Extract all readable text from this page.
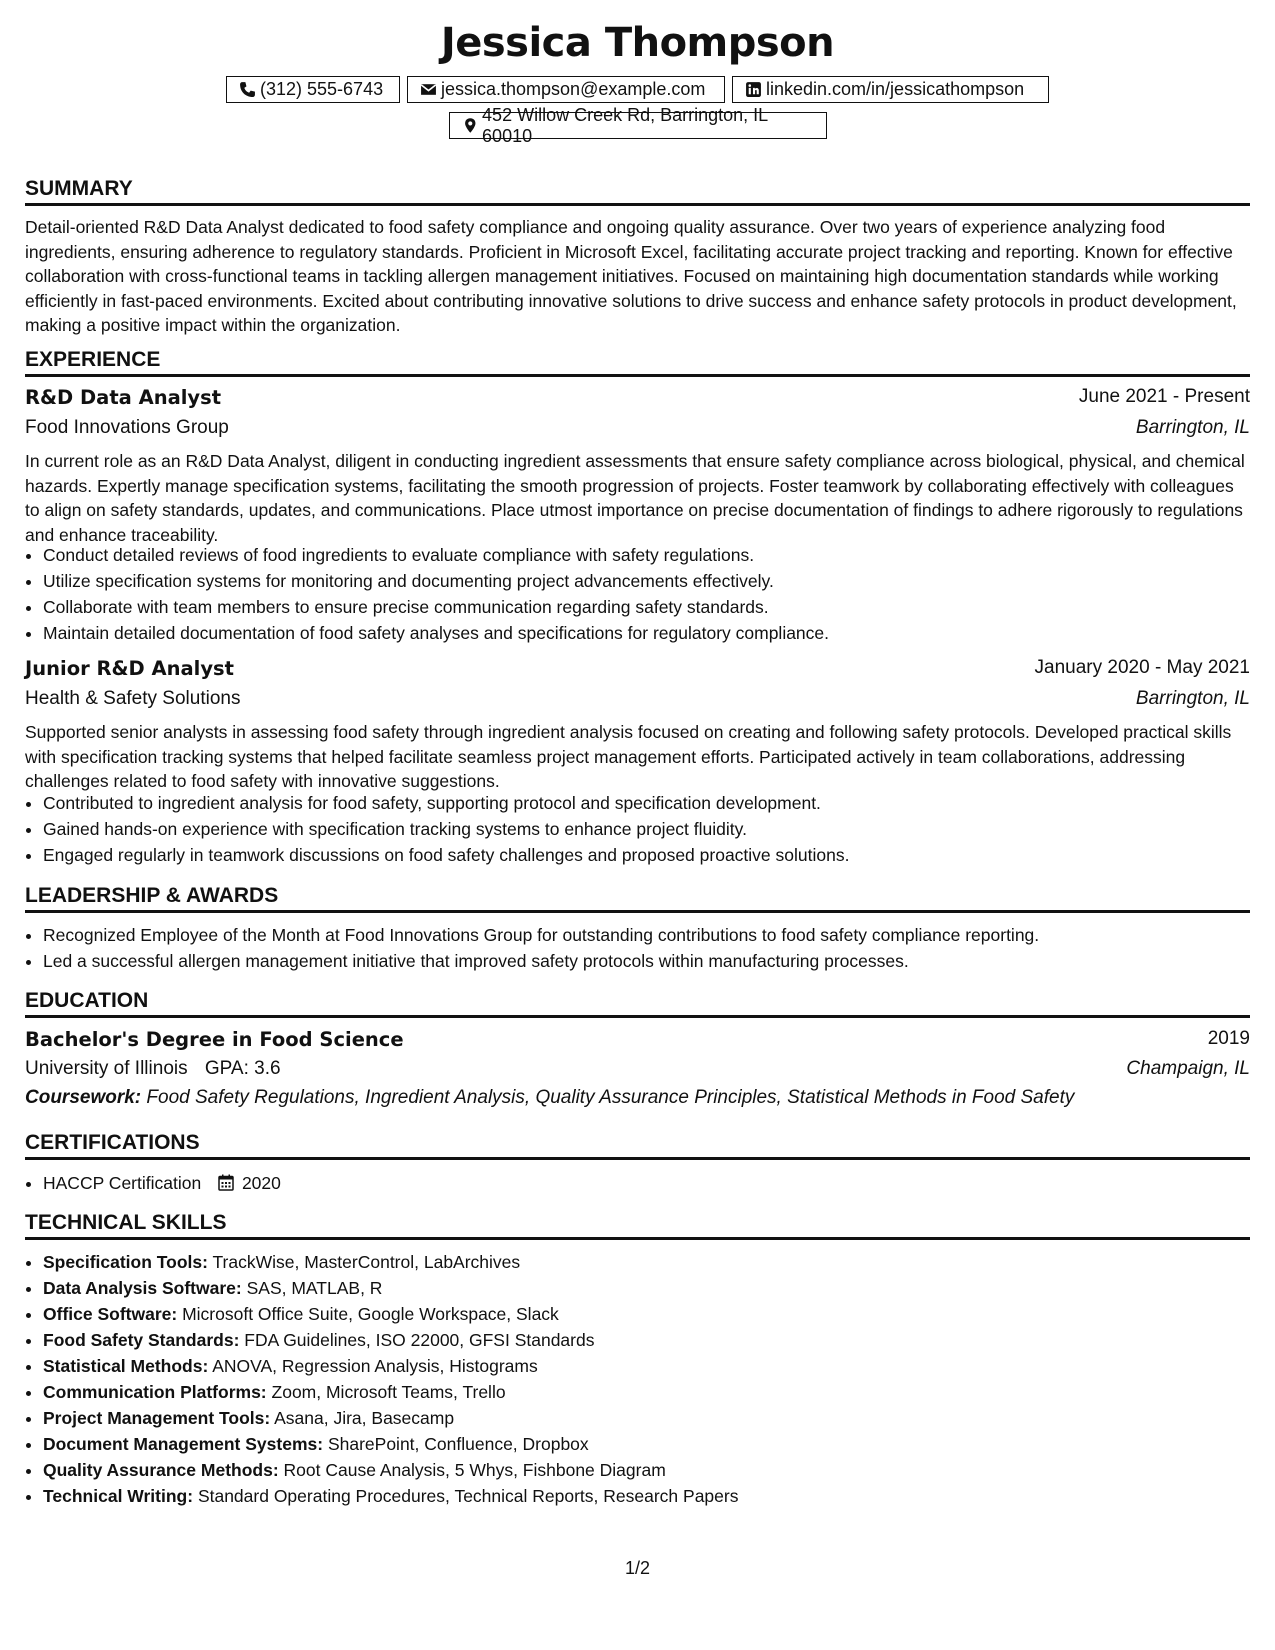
Jessica Thompson
(312) 555-6743	jessica.thompson@example.com	linkedin.com/in/jessicathompson
452 Willow Creek Rd, Barrington, IL 60010
SUMMARY

Detail-oriented R&D Data Analyst dedicated to food safety compliance and ongoing quality assurance. Over two years of experience analyzing food ingredients, ensuring adherence to regulatory standards. Proficient in Microsoft Excel, facilitating accurate project tracking and reporting. Known for effective collaboration with cross-functional teams in tackling allergen management initiatives. Focused on maintaining high documentation standards while working efficiently in fast-paced environments. Excited about contributing innovative solutions to drive success and enhance safety protocols in product development, making a positive impact within the organization.

EXPERIENCE
R&D Data Analyst	June 2021 - Present
Food Innovations Group	Barrington, IL

In current role as an R&D Data Analyst, diligent in conducting ingredient assessments that ensure safety compliance across biological, physical, and chemical hazards. Expertly manage specification systems, facilitating the smooth progression of projects. Foster teamwork by collaborating effectively with colleagues to align on safety standards, updates, and communications. Place utmost importance on precise documentation of findings to adhere rigorously to regulations and enhance traceability.

• Conduct detailed reviews of food ingredients to evaluate compliance with safety regulations.
• Utilize specification systems for monitoring and documenting project advancements effectively.
• Collaborate with team members to ensure precise communication regarding safety standards.
• Maintain detailed documentation of food safety analyses and specifications for regulatory compliance.
Junior R&D Analyst	January 2020 - May 2021
Health & Safety Solutions	Barrington, IL

Supported senior analysts in assessing food safety through ingredient analysis focused on creating and following safety protocols. Developed practical skills with specification tracking systems that helped facilitate seamless project management efforts. Participated actively in team collaborations, addressing challenges related to food safety with innovative suggestions.

• Contributed to ingredient analysis for food safety, supporting protocol and specification development.
• Gained hands-on experience with specification tracking systems to enhance project fluidity.
• Engaged regularly in teamwork discussions on food safety challenges and proposed proactive solutions.
LEADERSHIP & AWARDS
• Recognized Employee of the Month at Food Innovations Group for outstanding contributions to food safety compliance reporting.
• Led a successful allergen management initiative that improved safety protocols within manufacturing processes.
EDUCATION
Bachelor's Degree in Food Science	2019
University of Illinois GPA: 3.6	Champaign, IL
Coursework: Food Safety Regulations, Ingredient Analysis, Quality Assurance Principles, Statistical Methods in Food Safety
CERTIFICATIONS
• HACCP Certification 2020
TECHNICAL SKILLS
• Specification Tools: TrackWise, MasterControl, LabArchives
• Data Analysis Software: SAS, MATLAB, R
• Office Software: Microsoft Office Suite, Google Workspace, Slack
• Food Safety Standards: FDA Guidelines, ISO 22000, GFSI Standards
• Statistical Methods: ANOVA, Regression Analysis, Histograms
• Communication Platforms: Zoom, Microsoft Teams, Trello
• Project Management Tools: Asana, Jira, Basecamp
• Document Management Systems: SharePoint, Confluence, Dropbox
• Quality Assurance Methods: Root Cause Analysis, 5 Whys, Fishbone Diagram
• Technical Writing: Standard Operating Procedures, Technical Reports, Research Papers
1/2
